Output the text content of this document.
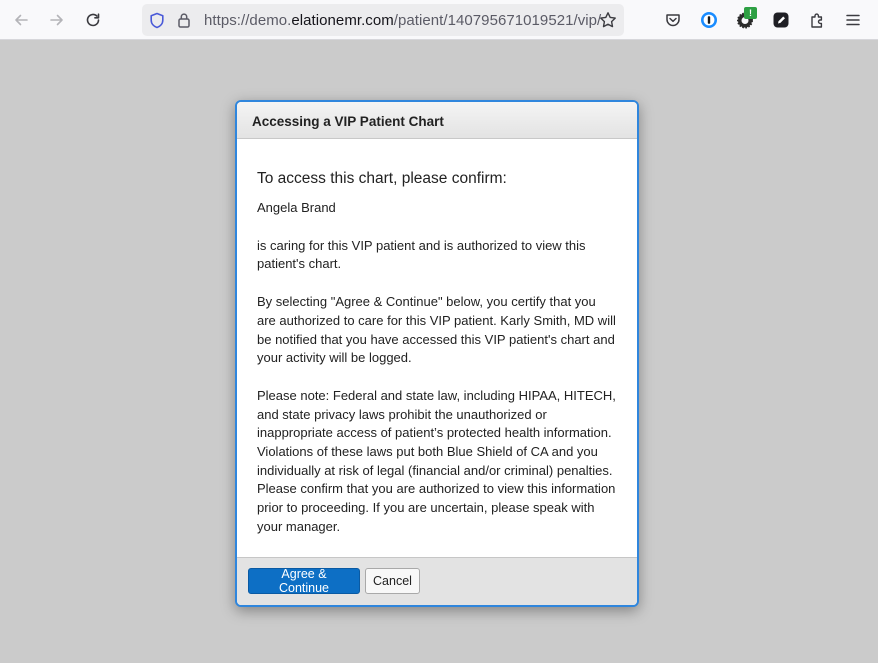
https://demo.elationemr.com/patient/140795671019521/vip/	!
Accessing a VIP Patient Chart

To access this chart, please confirm:

Angela Brand

is caring for this VIP patient and is authorized to view this patient's chart.

By selecting "Agree & Continue" below, you certify that you are authorized to care for this VIP patient. Karly Smith, MD will be notified that you have accessed this VIP patient's chart and your activity will be logged.

Please note: Federal and state law, including HIPAA, HITECH, and state privacy laws prohibit the unauthorized or inappropriate access of patient’s protected health information. Violations of these laws put both Blue Shield of CA and you individually at risk of legal (financial and/or criminal) penalties. Please confirm that you are authorized to view this information prior to proceeding. If you are uncertain, please speak with your manager.

Agree & Continue	Cancel
